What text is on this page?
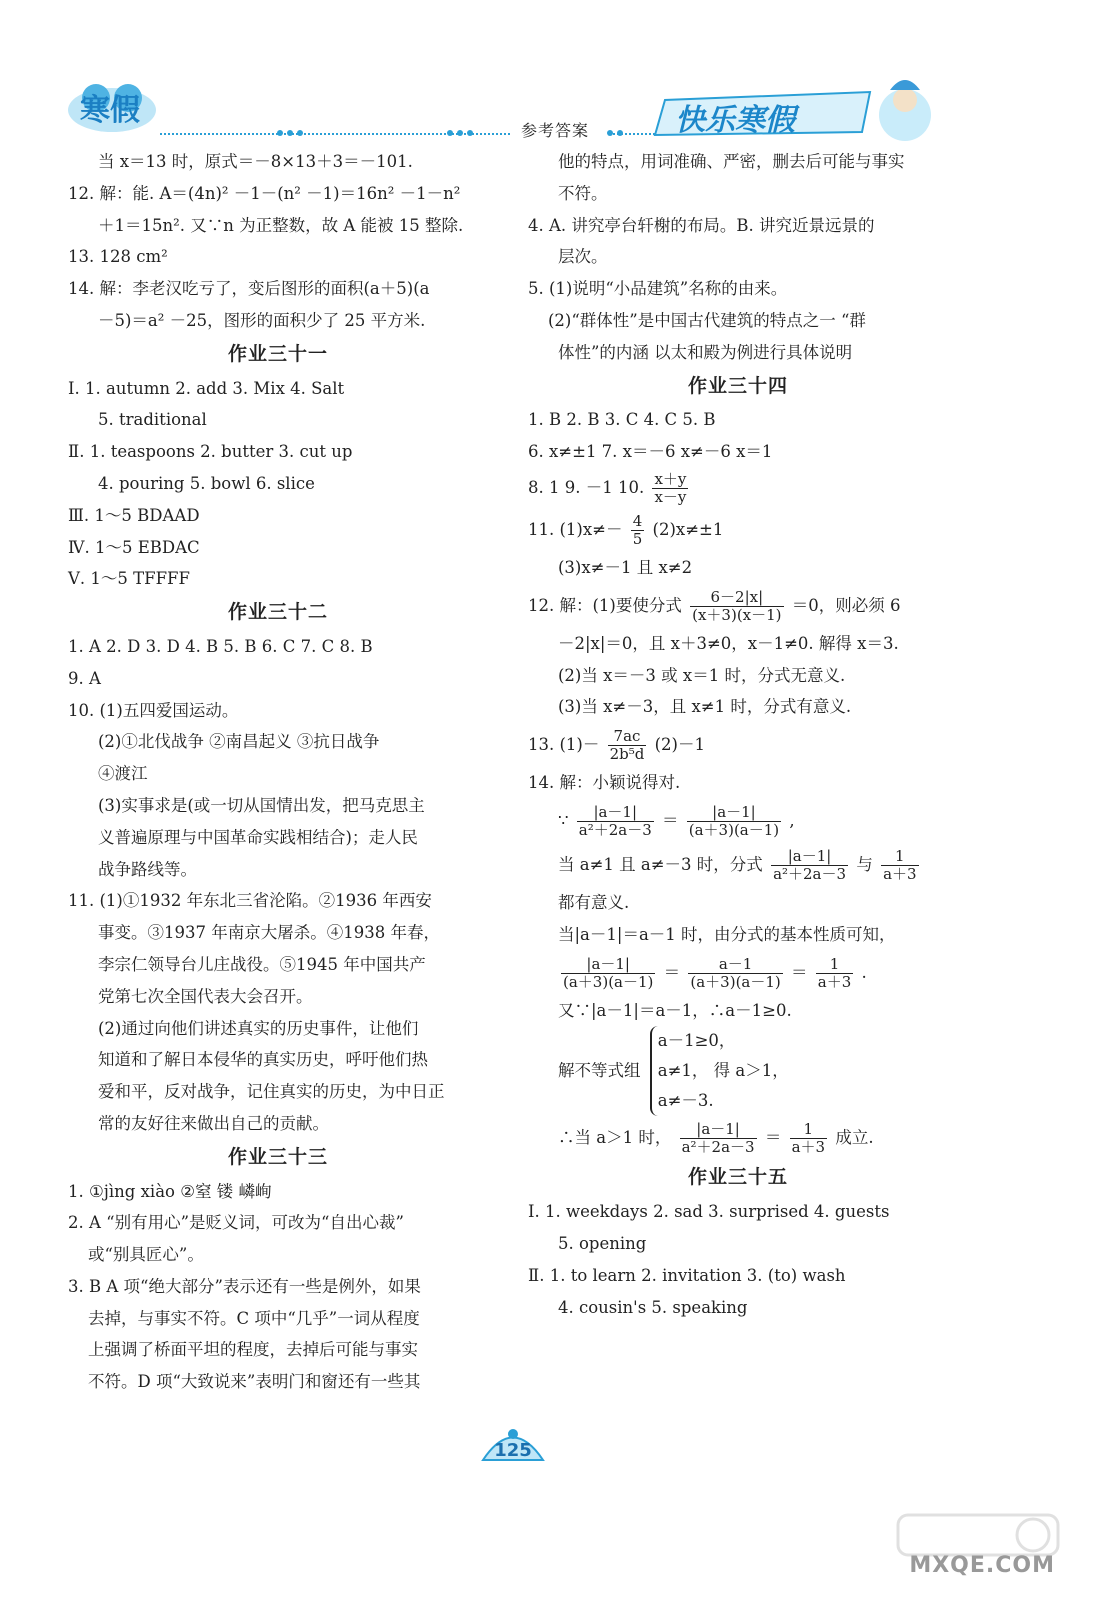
寒假	快乐寒假
参考答案
当 x＝13 时，原式＝－8×13＋3＝－101.
12. 解：能. A＝(4n)² －1－(n² －1)＝16n² －1－n²
＋1＝15n². 又∵n 为正整数，故 A 能被 15 整除.
13. 128 cm²
14. 解：李老汉吃亏了，变后图形的面积(a＋5)(a
－5)＝a² －25，图形的面积少了 25 平方米.
作业三十一
Ⅰ. 1. autumn 2. add 3. Mix 4. Salt
5. traditional
Ⅱ. 1. teaspoons 2. butter 3. cut up
4. pouring 5. bowl 6. slice
Ⅲ. 1～5 BDAAD
Ⅳ. 1～5 EBDAC
Ⅴ. 1～5 TFFFF
作业三十二
1. A 2. D 3. D 4. B 5. B 6. C 7. C 8. B
9. A
10. (1)五四爱国运动。
(2)①北伐战争 ②南昌起义 ③抗日战争
④渡江
(3)实事求是(或一切从国情出发，把马克思主
义普遍原理与中国革命实践相结合)；走人民
战争路线等。
11. (1)①1932 年东北三省沦陷。②1936 年西安
事变。③1937 年南京大屠杀。④1938 年春，
李宗仁领导台儿庄战役。⑤1945 年中国共产
党第七次全国代表大会召开。
(2)通过向他们讲述真实的历史事件，让他们
知道和了解日本侵华的真实历史，呼吁他们热
爱和平，反对战争，记住真实的历史，为中日正
常的友好往来做出自己的贡献。
作业三十三
1. ①jìng xiào ②窒 镂 嶙峋
2. A “别有用心”是贬义词，可改为“自出心裁”
或“别具匠心”。
3. B A 项“绝大部分”表示还有一些是例外，如果
去掉，与事实不符。C 项中“几乎”一词从程度
上强调了桥面平坦的程度，去掉后可能与事实
不符。D 项“大致说来”表明门和窗还有一些其
他的特点，用词准确、严密，删去后可能与事实
不符。
4. A. 讲究亭台轩榭的布局。B. 讲究近景远景的
层次。
5. (1)说明“小品建筑”名称的由来。
(2)“群体性”是中国古代建筑的特点之一 “群
体性”的内涵 以太和殿为例进行具体说明
作业三十四
1. B 2. B 3. C 4. C 5. B
6. x≠±1 7. x＝－6 x≠－6 x＝1
8. 1 9. －1 10. $\frac{x+y}{x-y}$
11. $(1)x\ne- \frac{4}{5} (2)x\ne\pm 1$
(3)x≠－1 且 x≠2
12. 解：(1)要使分式 $\frac{6-2|x|}{(x+3)(x-1)} =0$，则必须 6
－2|x|＝0，且 x＋3≠0，x－1≠0. 解得 x＝3.
(2)当 x＝－3 或 x＝1 时，分式无意义.
(3)当 x≠－3，且 x≠1 时，分式有意义.
13. $(1)- \frac{7ac}{\text{2b⁵d}} (2)-1$
14. 解：小颖说得对.
∵ $\frac{|a-1|}{\text{a²＋2a－3}} = \frac{|a-1|}{(a+3)(a-1)}$ ,
当 a≠1 且 a≠－3 时，分式 $\frac{|a-1|}{\text{a²＋2a－3}}$ 与 $\frac{1}{a+3}$
都有意义.
当|a－1|＝a－1 时，由分式的基本性质可知，
$\frac{|a-1|}{(a+3)(a-1)} = \frac{a-1}{(a+3)(a-1)} = \frac{1}{a+3}$ .
又∵|a－1|＝a－1，∴a－1≥0.
解不等式组
a－1≥0，
a≠1， 得 a＞1，
a≠－3.
∴当 a＞1 时， $\frac{|a-1|}{\text{a²＋2a－3}} = \frac{1}{a+3}$ 成立.
作业三十五
Ⅰ. 1. weekdays 2. sad 3. surprised 4. guests
5. opening
Ⅱ. 1. to learn 2. invitation 3. (to) wash
4. cousin's 5. speaking
125
MXQE.COM
